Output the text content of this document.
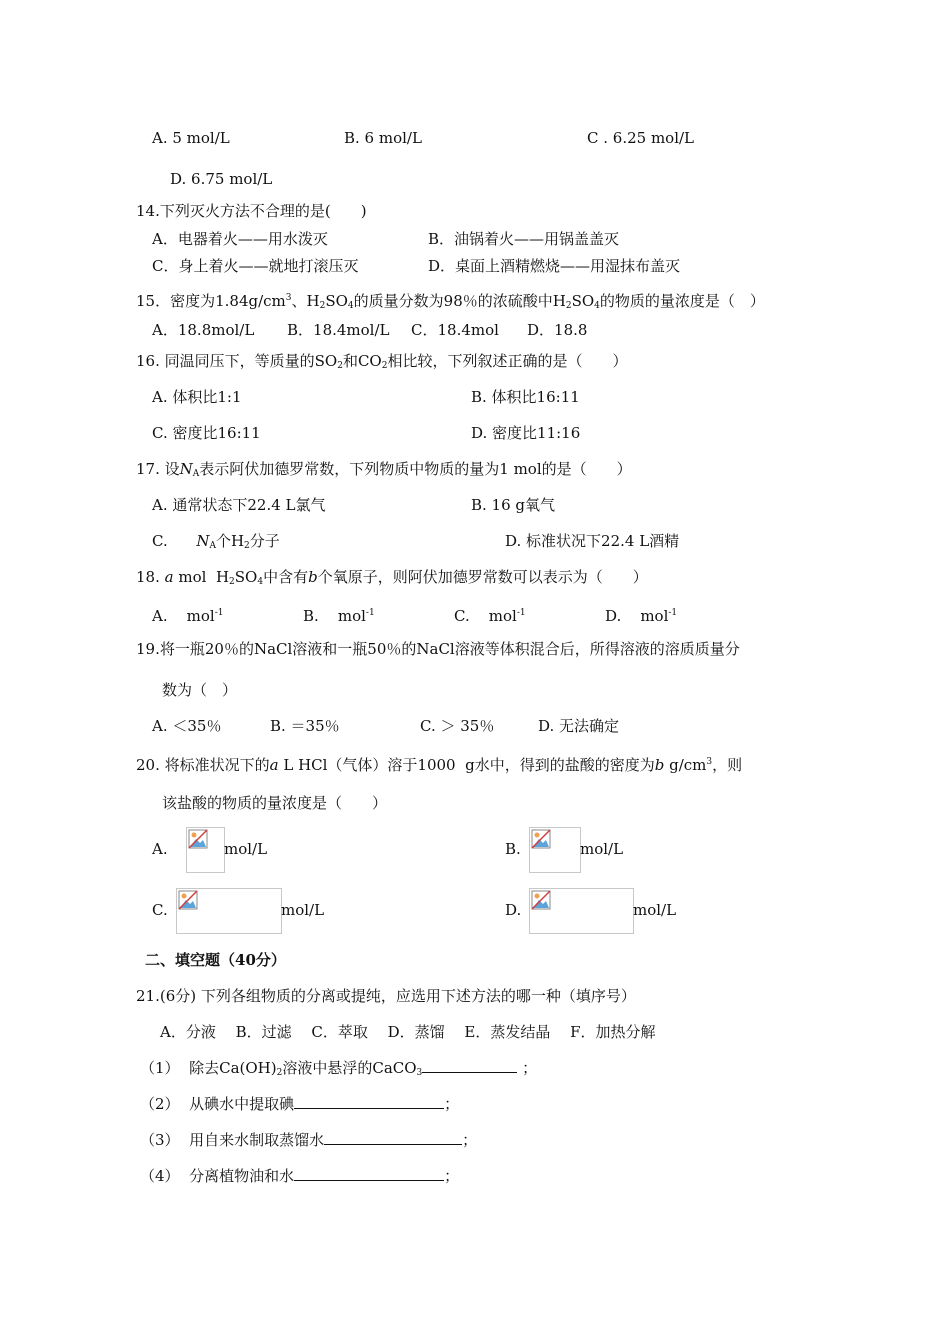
A. 5 mol/L	B. 6 mol/L	C . 6.25 mol/L
D. 6.75 mol/L
14.下列灭火方法不合理的是(　　)
A．电器着火——用水泼灭	B．油锅着火——用锅盖盖灭
C．身上着火——就地打滚压灭	D．桌面上酒精燃烧——用湿抹布盖灭
15．密度为$1.84g/cm^3$、$H_2SO_4$的质量分数为98％的浓硫酸中$H_2SO_4$的物质的量浓度是（　）
A．18.8mol/L B．18.4mol/L C．18.4mol D．18.8
16. 同温同压下，等质量的$SO_2$和$CO_2$相比较，下列叙述正确的是（　　）
A. 体积比1:1	B. 体积比16:11
C. 密度比16:11	D. 密度比11:16
17. 设$N_A$表示阿伏加德罗常数，下列物质中物质的量为1 mol的是（　　）
A. 通常状态下22.4 L氯气	B. 16 g氧气
C.      $N_A$个$H_2$分子	D. 标准状况下22.4 L酒精
18. a mol  $H_2SO_4$中含有b个氧原子，则阿伏加德罗常数可以表示为（　　）
A.    mol$^{-1}$	B.    mol$^{-1}$	C.    mol$^{-1}$	D.    mol$^{-1}$
19.将一瓶20％的NaCl溶液和一瓶50％的NaCl溶液等体积混合后，所得溶液的溶质质量分
数为（　）
A. ＜35％	B. ＝35％	C. ＞ 35％	D. 无法确定
20. 将标准状况下的a L HCl（气体）溶于1000  g水中，得到的盐酸的密度为b $g/cm^3$，则
该盐酸的物质的量浓度是（　　）
A.	mol/L	B.	mol/L
C.	mol/L	D.	mol/L
二、填空题（40分）
21.(6分) 下列各组物质的分离或提纯，应选用下述方法的哪一种（填序号）
A．分液　 B．过滤　 C．萃取　 D．蒸馏　 E．蒸发结晶　 F．加热分解
（1） 除去$Ca(OH)_2$溶液中悬浮的CaCO$_3$	；
（2） 从碘水中提取碘	；
（3） 用自来水制取蒸馏水	；
（4） 分离植物油和水	；
